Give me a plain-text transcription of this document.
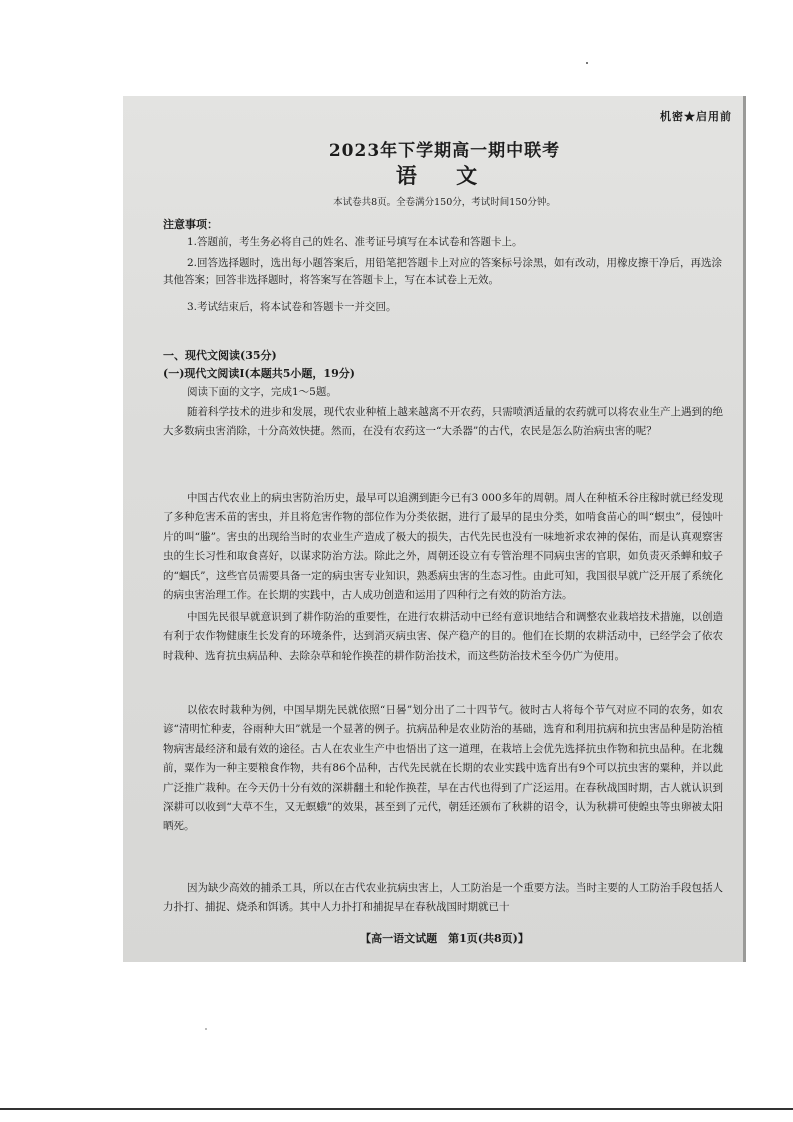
机密★启用前
2023年下学期高一期中联考
语 文
本试卷共8页。全卷满分150分，考试时间150分钟。
注意事项：
1.答题前，考生务必将自己的姓名、准考证号填写在本试卷和答题卡上。
2.回答选择题时，选出每小题答案后，用铅笔把答题卡上对应的答案标号涂黑，如有改动，用橡皮擦干净后，再选涂其他答案；回答非选择题时，将答案写在答题卡上，写在本试卷上无效。
3.考试结束后，将本试卷和答题卡一并交回。
一、现代文阅读(35分)
(一)现代文阅读Ⅰ(本题共5小题，19分)
阅读下面的文字，完成1～5题。
随着科学技术的进步和发展，现代农业种植上越来越离不开农药，只需喷洒适量的农药就可以将农业生产上遇到的绝大多数病虫害消除，十分高效快捷。然而，在没有农药这一“大杀器”的古代，农民是怎么防治病虫害的呢？
中国古代农业上的病虫害防治历史，最早可以追溯到距今已有3 000多年的周朝。周人在种植禾谷庄稼时就已经发现了多种危害禾苗的害虫，并且将危害作物的部位作为分类依据，进行了最早的昆虫分类，如啃食苗心的叫“螟虫”，侵蚀叶片的叫“螣”。害虫的出现给当时的农业生产造成了极大的损失，古代先民也没有一味地祈求农神的保佑，而是认真观察害虫的生长习性和取食喜好，以谋求防治方法。除此之外，周朝还设立有专管治理不同病虫害的官职，如负责灭杀蝉和蚊子的“蝈氏”，这些官员需要具备一定的病虫害专业知识，熟悉病虫害的生态习性。由此可知，我国很早就广泛开展了系统化的病虫害治理工作。在长期的实践中，古人成功创造和运用了四种行之有效的防治方法。
中国先民很早就意识到了耕作防治的重要性，在进行农耕活动中已经有意识地结合和调整农业栽培技术措施，以创造有利于农作物健康生长发育的环境条件，达到消灭病虫害、保产稳产的目的。他们在长期的农耕活动中，已经学会了依农时栽种、选育抗虫病品种、去除杂草和轮作换茬的耕作防治技术，而这些防治技术至今仍广为使用。
以依农时栽种为例，中国早期先民就依照“日晷”划分出了二十四节气。彼时古人将每个节气对应不同的农务，如农谚“清明忙种麦，谷雨种大田”就是一个显著的例子。抗病品种是农业防治的基础，选育和利用抗病和抗虫害品种是防治植物病害最经济和最有效的途径。古人在农业生产中也悟出了这一道理，在栽培上会优先选择抗虫作物和抗虫品种。在北魏前，粟作为一种主要粮食作物，共有86个品种，古代先民就在长期的农业实践中选育出有9个可以抗虫害的粟种，并以此广泛推广栽种。在今天仍十分有效的深耕翻土和轮作换茬，早在古代也得到了广泛运用。在春秋战国时期，古人就认识到深耕可以收到“大草不生，又无螟蛾”的效果，甚至到了元代，朝廷还颁布了秋耕的诏令，认为秋耕可使蝗虫等虫卵被太阳晒死。
因为缺少高效的捕杀工具，所以在古代农业抗病虫害上，人工防治是一个重要方法。当时主要的人工防治手段包括人力扑打、捕捉、烧杀和饵诱。其中人力扑打和捕捉早在春秋战国时期就已十
【高一语文试题　第1页(共8页)】
